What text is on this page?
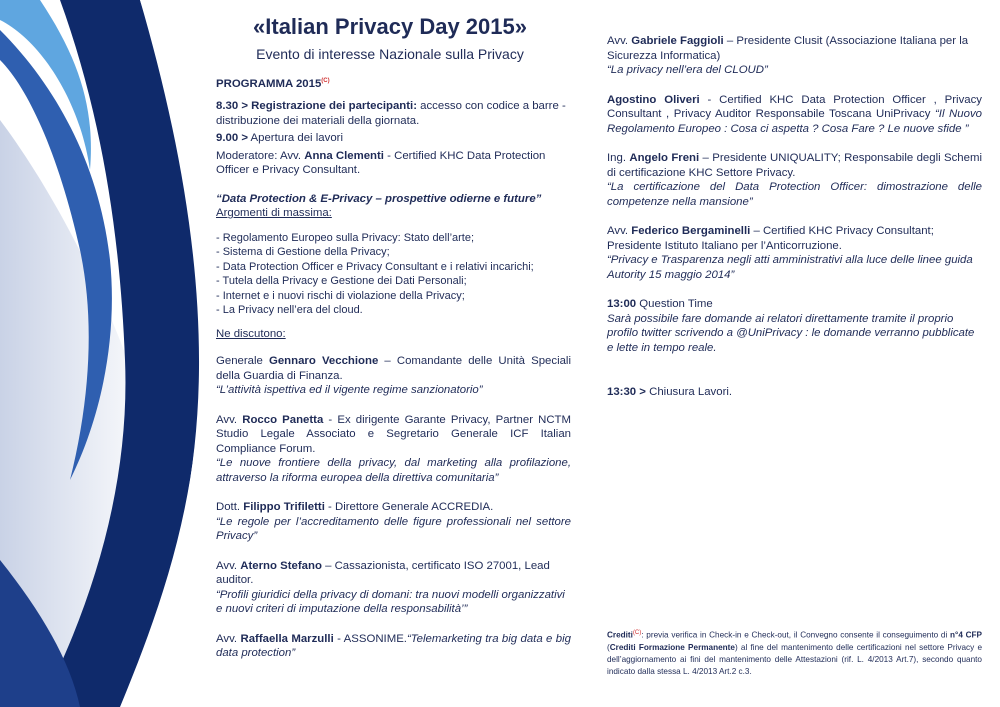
«Italian Privacy Day 2015»
Evento di interesse Nazionale sulla Privacy

PROGRAMMA $2015^{(C)}$

8.30 > Registrazione dei partecipanti: accesso con codice a barre - distribuzione dei materiali della giornata.

9.00 > Apertura dei lavori

Moderatore: Avv. Anna Clementi - Certified KHC Data Protection Officer e Privacy Consultant.

“Data Protection & E-Privacy – prospettive odierne e future”

Argomenti di massima:

- Regolamento Europeo sulla Privacy: Stato dell’arte;
- Sistema di Gestione della Privacy;
- Data Protection Officer e Privacy Consultant e i relativi incarichi;
- Tutela della Privacy e Gestione dei Dati Personali;
- Internet e i nuovi rischi di violazione della Privacy;
- La Privacy nell’era del cloud.

Ne discutono:

Generale Gennaro Vecchione – Comandante delle Unità Speciali della Guardia di Finanza.

“L’attività ispettiva ed il vigente regime sanzionatorio”

Avv. Rocco Panetta - Ex dirigente Garante Privacy, Partner NCTM Studio Legale Associato e Segretario Generale ICF Italian Compliance Forum.

“Le nuove frontiere della privacy, dal marketing alla profilazione, attraverso la riforma europea della direttiva comunitaria”

Dott. Filippo Trifiletti - Direttore Generale ACCREDIA.

“Le regole per l’accreditamento delle figure professionali nel settore Privacy”

Avv. Aterno Stefano – Cassazionista, certificato ISO 27001, Lead auditor.

“Profili giuridici della privacy di domani: tra nuovi modelli organizzativi e nuovi criteri di imputazione della responsabilità’”

Avv. Raffaella Marzulli - ASSONIME.“Telemarketing tra big data e big data protection”

Avv. Gabriele Faggioli – Presidente Clusit (Associazione Italiana per la Sicurezza Informatica)

“La privacy nell’era del CLOUD”

Agostino Oliveri - Certified KHC Data Protection Officer , Privacy Consultant , Privacy Auditor Responsabile Toscana UniPrivacy “Il Nuovo Regolamento Europeo : Cosa ci aspetta ? Cosa Fare ? Le nuove sfide ”

Ing. Angelo Freni – Presidente UNIQUALITY; Responsabile degli Schemi di certificazione KHC Settore Privacy.

“La certificazione del Data Protection Officer: dimostrazione delle competenze nella mansione”

Avv. Federico Bergaminelli – Certified KHC Privacy Consultant; Presidente Istituto Italiano per l’Anticorruzione.

“Privacy e Trasparenza negli atti amministrativi alla luce delle linee guida Autority 15 maggio 2014”

13:00 Question Time

Sarà possibile fare domande ai relatori direttamente tramite il proprio profilo twitter scrivendo a @UniPrivacy : le domande verranno pubblicate e lette in tempo reale.

13:30 > Chiusura Lavori.

Crediti$^{(C)}$: previa verifica in Check-in e Check-out, il Convegno consente il conseguimento di n°4 CFP (Crediti Formazione Permanente) al fine del mantenimento delle certificazioni nel settore Privacy e dell’aggiornamento ai fini del mantenimento delle Attestazioni (rif. L. 4/2013 Art.7), secondo quanto indicato dalla stessa L. 4/2013 Art.2 c.3.
